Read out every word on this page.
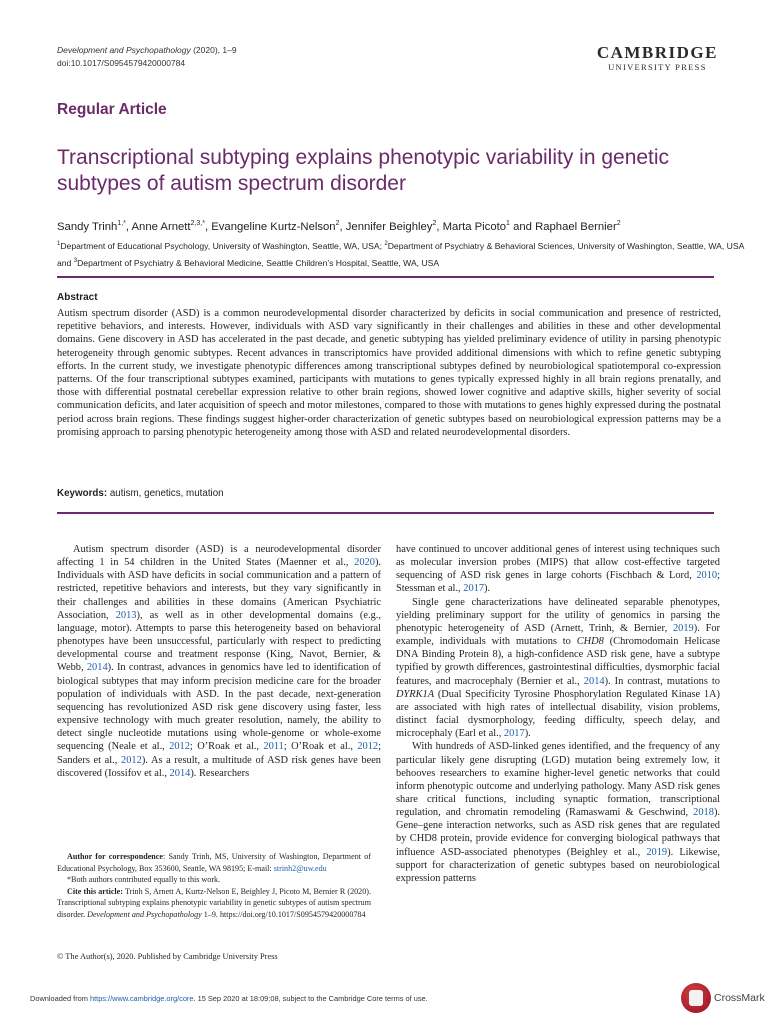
Development and Psychopathology (2020), 1–9
doi:10.1017/S0954579420000784
CAMBRIDGE
UNIVERSITY PRESS
Regular Article
Transcriptional subtyping explains phenotypic variability in genetic subtypes of autism spectrum disorder
Sandy Trinh$^{1,*}$, Anne Arnett$^{2,3,*}$, Evangeline Kurtz-Nelson$^2$, Jennifer Beighley$^2$, Marta Picoto$^1$ and Raphael Bernier$^2$
$^1$Department of Educational Psychology, University of Washington, Seattle, WA, USA; $^2$Department of Psychiatry & Behavioral Sciences, University of Washington, Seattle, WA, USA and $^3$Department of Psychiatry & Behavioral Medicine, Seattle Children’s Hospital, Seattle, WA, USA
Abstract
Autism spectrum disorder (ASD) is a common neurodevelopmental disorder characterized by deficits in social communication and presence of restricted, repetitive behaviors, and interests. However, individuals with ASD vary significantly in their challenges and abilities in these and other developmental domains. Gene discovery in ASD has accelerated in the past decade, and genetic subtyping has yielded preliminary evidence of utility in parsing phenotypic heterogeneity through genomic subtypes. Recent advances in transcriptomics have provided additional dimensions with which to refine genetic subtyping efforts. In the current study, we investigate phenotypic differences among transcriptional subtypes defined by neurobiological spatiotemporal co-expression patterns. Of the four transcriptional subtypes examined, participants with mutations to genes typically expressed highly in all brain regions prenatally, and those with differential postnatal cerebellar expression relative to other brain regions, showed lower cognitive and adaptive skills, higher severity of social communication deficits, and later acquisition of speech and motor milestones, compared to those with mutations to genes highly expressed during the postnatal period across brain regions. These findings suggest higher-order characterization of genetic subtypes based on neurobiological expression patterns may be a promising approach to parsing phenotypic heterogeneity among those with ASD and related neurodevelopmental disorders.
Keywords: autism, genetics, mutation

Autism spectrum disorder (ASD) is a neurodevelopmental disorder affecting 1 in 54 children in the United States (Maenner et al., 2020). Individuals with ASD have deficits in social communication and a pattern of restricted, repetitive behaviors and interests, but they vary significantly in their challenges and abilities in these domains (American Psychiatric Association, 2013), as well as in other developmental domains (e.g., language, motor). Attempts to parse this heterogeneity based on behavioral phenotypes have been unsuccessful, particularly with respect to predicting developmental course and treatment response (King, Navot, Bernier, & Webb, 2014). In contrast, advances in genomics have led to identification of biological subtypes that may inform precision medicine care for the broader population of individuals with ASD. In the past decade, next-generation sequencing has revolutionized ASD risk gene discovery using faster, less expensive technology with much greater resolution, namely, the ability to detect single nucleotide mutations using whole-genome or whole-exome sequencing (Neale et al., 2012; O’Roak et al., 2011; O’Roak et al., 2012; Sanders et al., 2012). As a result, a multitude of ASD risk genes have been discovered (Iossifov et al., 2014). Researchers

have continued to uncover additional genes of interest using techniques such as molecular inversion probes (MIPS) that allow cost-effective targeted sequencing of ASD risk genes in large cohorts (Fischbach & Lord, 2010; Stessman et al., 2017).

Single gene characterizations have delineated separable phenotypes, yielding preliminary support for the utility of genomics in parsing the phenotypic heterogeneity of ASD (Arnett, Trinh, & Bernier, 2019). For example, individuals with mutations to CHD8 (Chromodomain Helicase DNA Binding Protein 8), a high-confidence ASD risk gene, have a subtype typified by growth differences, gastrointestinal difficulties, dysmorphic facial features, and macrocephaly (Bernier et al., 2014). In contrast, mutations to DYRK1A (Dual Specificity Tyrosine Phosphorylation Regulated Kinase 1A) are associated with high rates of intellectual disability, vision problems, distinct facial dysmorphology, feeding difficulty, speech delay, and microcephaly (Earl et al., 2017).

With hundreds of ASD-linked genes identified, and the frequency of any particular likely gene disrupting (LGD) mutation being extremely low, it behooves researchers to examine higher-level genetic networks that could inform phenotypic outcome and underlying pathology. Many ASD risk genes share critical functions, including synaptic formation, transcriptional regulation, and chromatin remodeling (Ramaswami & Geschwind, 2018). Gene–gene interaction networks, such as ASD risk genes that are regulated by CHD8 protein, provide evidence for converging biological pathways that influence ASD-associated phenotypes (Beighley et al., 2019). Likewise, support for characterization of genetic subtypes based on neurobiological expression patterns

Author for correspondence: Sandy Trinh, MS, University of Washington, Department of Educational Psychology, Box 353600, Seattle, WA 98195; E-mail: strinh2@uw.edu

*Both authors contributed equally to this work.

Cite this article: Trinh S, Arnett A, Kurtz-Nelson E, Beighley J, Picoto M, Bernier R (2020). Transcriptional subtyping explains phenotypic variability in genetic subtypes of autism spectrum disorder. Development and Psychopathology 1–9. https://doi.org/10.1017/S0954579420000784

© The Author(s), 2020. Published by Cambridge University Press
Downloaded from https://www.cambridge.org/core. 15 Sep 2020 at 18:09:08, subject to the Cambridge Core terms of use.	CrossMark
